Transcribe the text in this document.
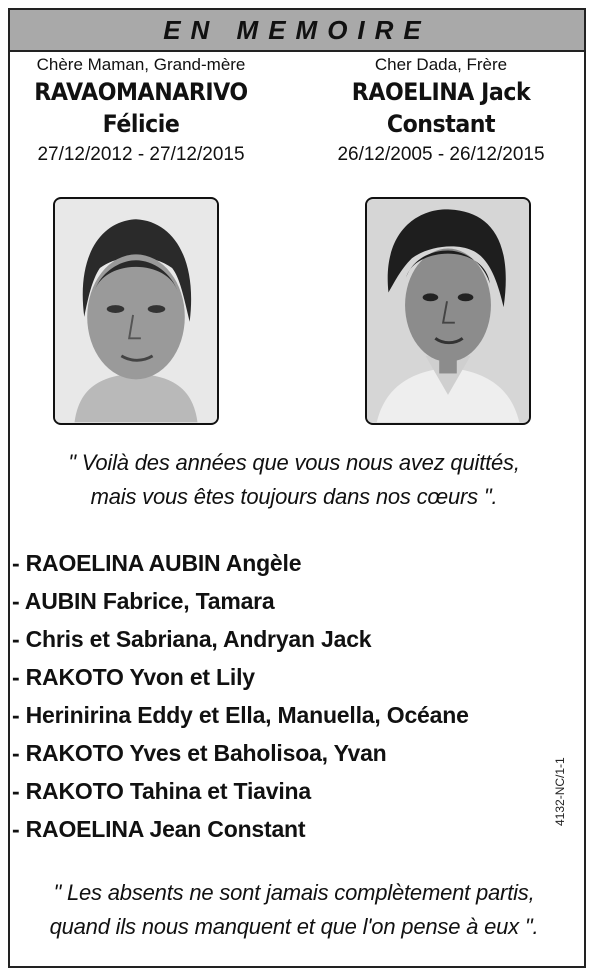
EN MEMOIRE
Chère Maman, Grand-mère
RAVAOMANARIVO
Félicie
27/12/2012 - 27/12/2015
Cher Dada, Frère
RAOELINA Jack
Constant
26/12/2005 - 26/12/2015
" Voilà des années que vous nous avez quittés,
mais vous êtes toujours dans nos cœurs ".
- RAOELINA AUBIN Angèle
- AUBIN Fabrice, Tamara
- Chris et Sabriana, Andryan Jack
- RAKOTO Yvon et Lily
- Herinirina Eddy et Ella, Manuella, Océane
- RAKOTO Yves et Baholisoa, Yvan
- RAKOTO Tahina et Tiavina
- RAOELINA Jean Constant
4132-NC/1-1
" Les absents ne sont jamais complètement partis,
quand ils nous manquent et que l'on pense à eux ".
